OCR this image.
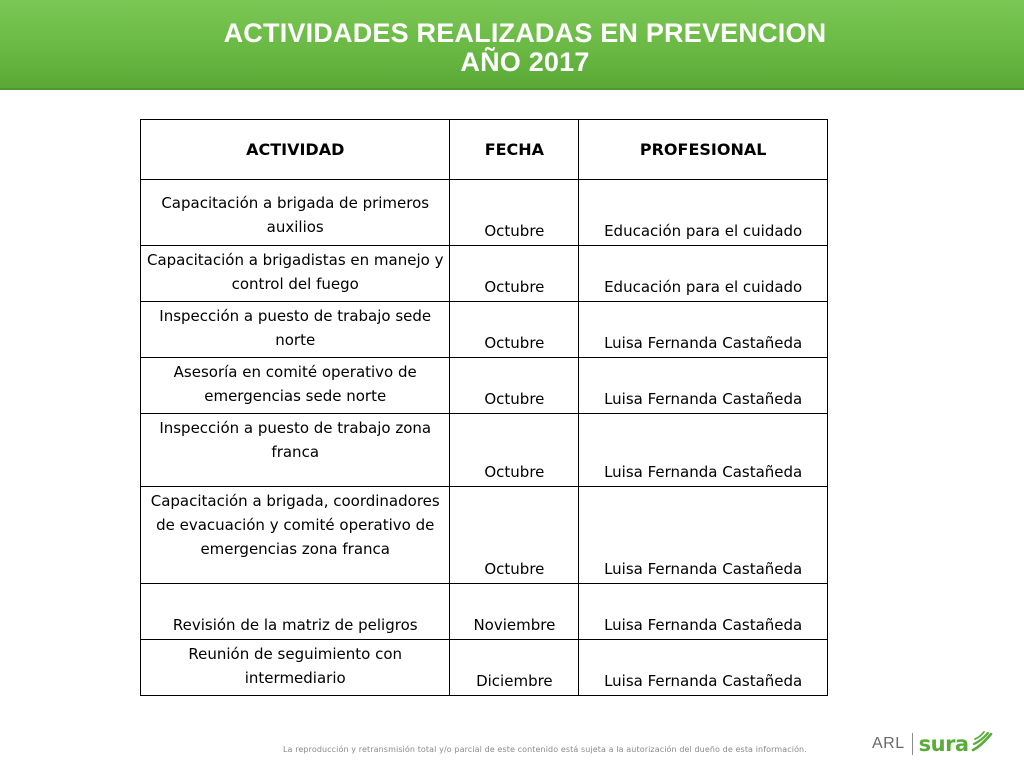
ACTIVIDADES REALIZADAS EN PREVENCION
AÑO 2017
ACTIVIDAD	FECHA	PROFESIONAL
Capacitación a brigada de primeros auxilios	Octubre	Educación para el cuidado
Capacitación a brigadistas en manejo y control del fuego	Octubre	Educación para el cuidado
Inspección a puesto de trabajo sede norte	Octubre	Luisa Fernanda Castañeda
Asesoría en comité operativo de emergencias sede norte	Octubre	Luisa Fernanda Castañeda
Inspección a puesto de trabajo zona franca	Octubre	Luisa Fernanda Castañeda
Capacitación a brigada, coordinadores de evacuación y comité operativo de emergencias zona franca	Octubre	Luisa Fernanda Castañeda
Revisión de la matriz de peligros	Noviembre	Luisa Fernanda Castañeda
Reunión de seguimiento con intermediario	Diciembre	Luisa Fernanda Castañeda
La reproducción y retransmisión total y/o parcial de este contenido está sujeta a la autorización del dueño de esta información.	ARL sura
